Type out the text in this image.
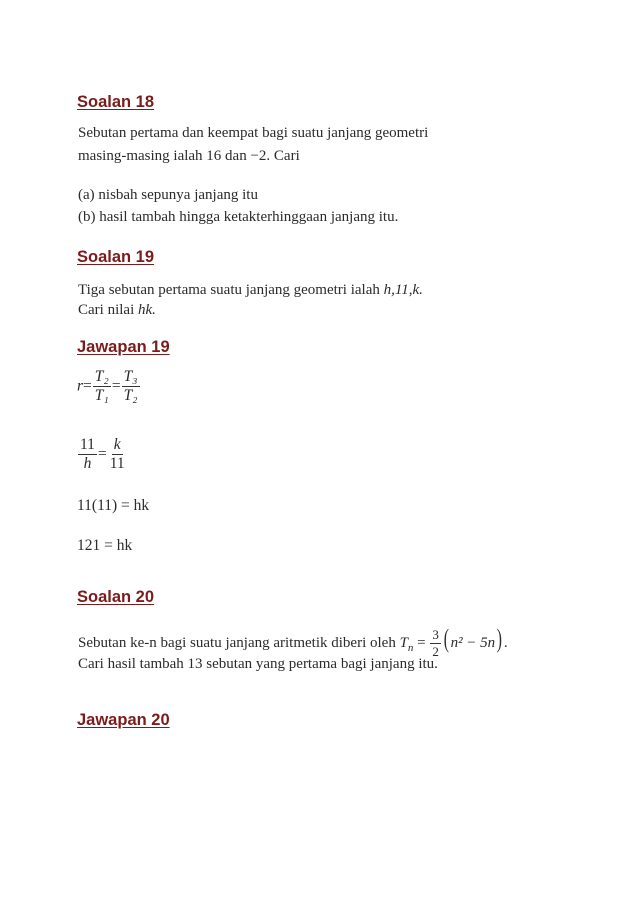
Soalan 18
Sebutan pertama dan keempat bagi suatu janjang geometri
masing-masing ialah 16 dan −2. Cari
(a) nisbah sepunya janjang itu
(b) hasil tambah hingga ketakterhinggaan janjang itu.
Soalan 19
Tiga sebutan pertama suatu janjang geometri ialah h,11,k.
Cari nilai hk.
Jawapan 19
$r= \frac{\text{T₂}}{\text{T₁}} = \frac{\text{T₃}}{\text{T₂}}$
$\frac{11}{h} = \frac{k}{11}$
11(11) = hk
121 = hk
Soalan 20
Sebutan ke-n bagi suatu janjang aritmetik diberi oleh $T_n = \frac{3}{2}$ ( n² − 5n) .
Cari hasil tambah 13 sebutan yang pertama bagi janjang itu.
Jawapan 20
